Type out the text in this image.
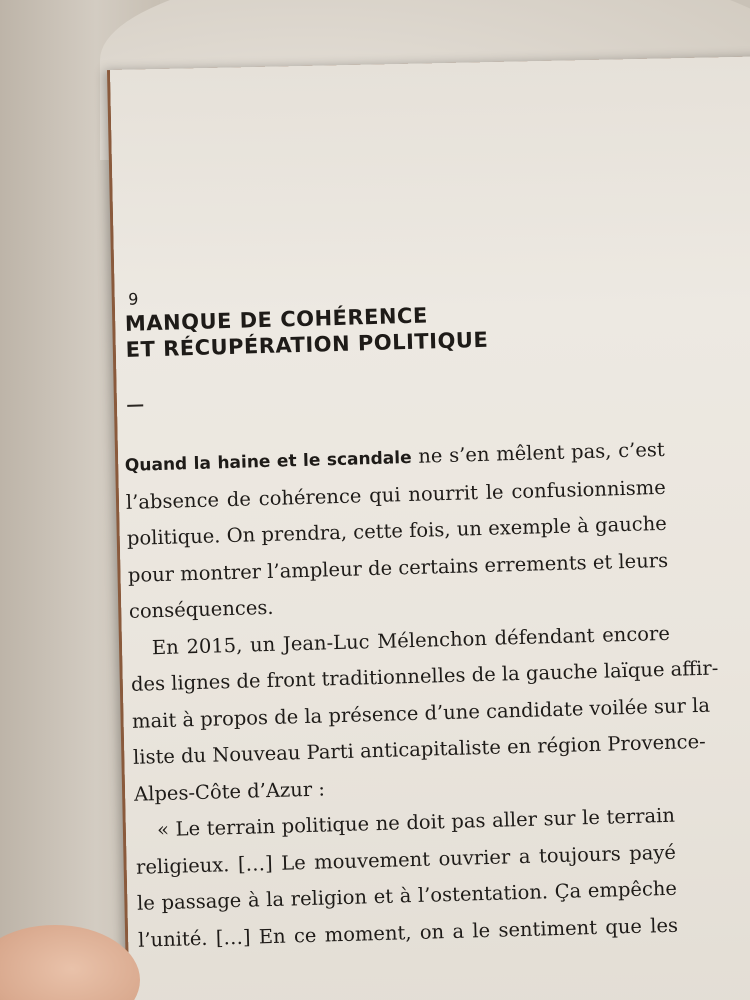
9
MANQUE DE COHÉRENCE
ET RÉCUPÉRATION POLITIQUE

Quand la haine et le scandale ne s’en mêlent pas, c’est
l’absence de cohérence qui nourrit le confusionnisme
politique. On prendra, cette fois, un exemple à gauche
pour montrer l’ampleur de certains errements et leurs
conséquences.

En 2015, un Jean-Luc Mélenchon défendant encore
des lignes de front traditionnelles de la gauche laïque affir-
mait à propos de la présence d’une candidate voilée sur la
liste du Nouveau Parti anticapitaliste en région Provence-
Alpes-Côte d’Azur :

« Le terrain politique ne doit pas aller sur le terrain
religieux. […] Le mouvement ouvrier a toujours payé
le passage à la religion et à l’ostentation. Ça empêche
l’unité. […] En ce moment, on a le sentiment que les
